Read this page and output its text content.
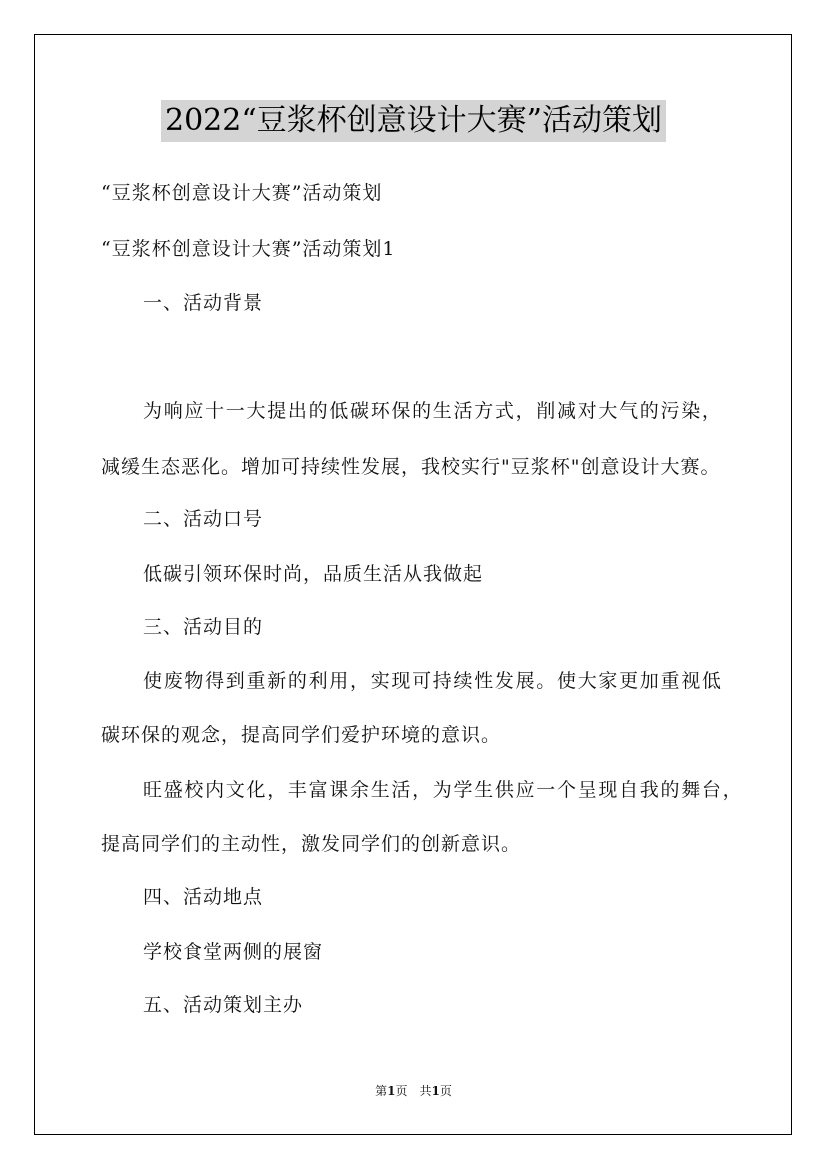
2022“豆浆杯创意设计大赛”活动策划
“豆浆杯创意设计大赛”活动策划
“豆浆杯创意设计大赛”活动策划1
一、活动背景
为响应十一大提出的低碳环保的生活方式，削减对大气的污染，
减缓生态恶化。增加可持续性发展，我校实行"豆浆杯"创意设计大赛。
二、活动口号
低碳引领环保时尚，品质生活从我做起
三、活动目的
使废物得到重新的利用，实现可持续性发展。使大家更加重视低
碳环保的观念，提高同学们爱护环境的意识。
旺盛校内文化，丰富课余生活，为学生供应一个呈现自我的舞台，
提高同学们的主动性，激发同学们的创新意识。
四、活动地点
学校食堂两侧的展窗
五、活动策划主办
第1页 共1页
